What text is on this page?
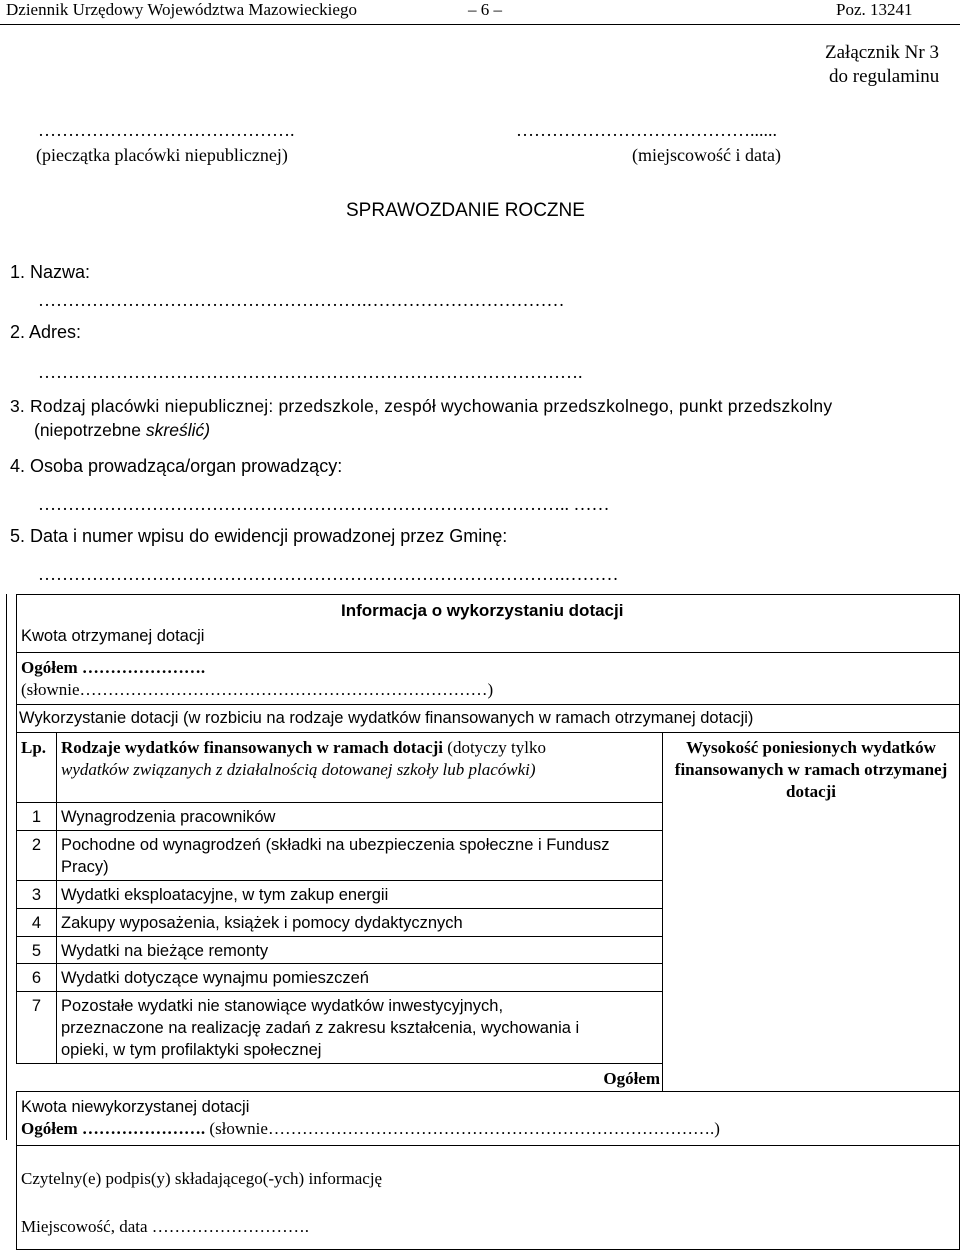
Dziennik Urzędowy Województwa Mazowieckiego	– 6 –	Poz. 13241
Załącznik Nr 3
do regulaminu
…………………………………….
(pieczątka placówki niepublicznej)
…………………………………......
(miejscowość i data)
SPRAWOZDANIE ROCZNE
1. Nazwa:
……………………………………………….……………………………
2. Adres:
……………………………………………………………………………….
3. Rodzaj placówki niepublicznej: przedszkole, zespół wychowania przedszkolnego, punkt przedszkolny
(niepotrzebne skreślić)
4. Osoba prowadząca/organ prowadzący:
…………………………………………………………………………….. ……
5. Data i numer wpisu do ewidencji prowadzonej przez Gminę:
…………………………………………………………………………….………
Informacja o wykorzystaniu dotacji
Kwota otrzymanej dotacji		

Ogółem ………………….
(słownie………………………………………………………………)		

Wykorzystanie dotacji (w rozbiciu na rodzaje wydatków finansowanych w ramach otrzymanej dotacji)		

Lp.	Rodzaje wydatków finansowanych w ramach dotacji (dotyczy tylko
wydatków związanych z działalnością dotowanej szkoły lub placówki)	Wysokość poniesionych wydatków finansowanych w ramach otrzymanej dotacji

1	Wynagrodzenia pracowników	

2	Pochodne od wynagrodzeń (składki na ubezpieczenia społeczne i Fundusz Pracy)	

3	Wydatki eksploatacyjne, w tym zakup energii	

4	Zakupy wyposażenia, książek i pomocy dydaktycznych	

5	Wydatki na bieżące remonty	

6	Wydatki dotyczące wynajmu pomieszczeń	

7	Pozostałe wydatki nie stanowiące wydatków inwestycyjnych, przeznaczone na realizację zadań z zakresu kształcenia, wychowania i opieki, w tym profilaktyki społecznej	

Ogółem		

Kwota niewykorzystanej dotacji
Ogółem …………………. (słownie…………………………………………………………………….)		

Czytelny(e) podpis(y) składającego(-ych) informację		

Miejscowość, data ……………………….		
